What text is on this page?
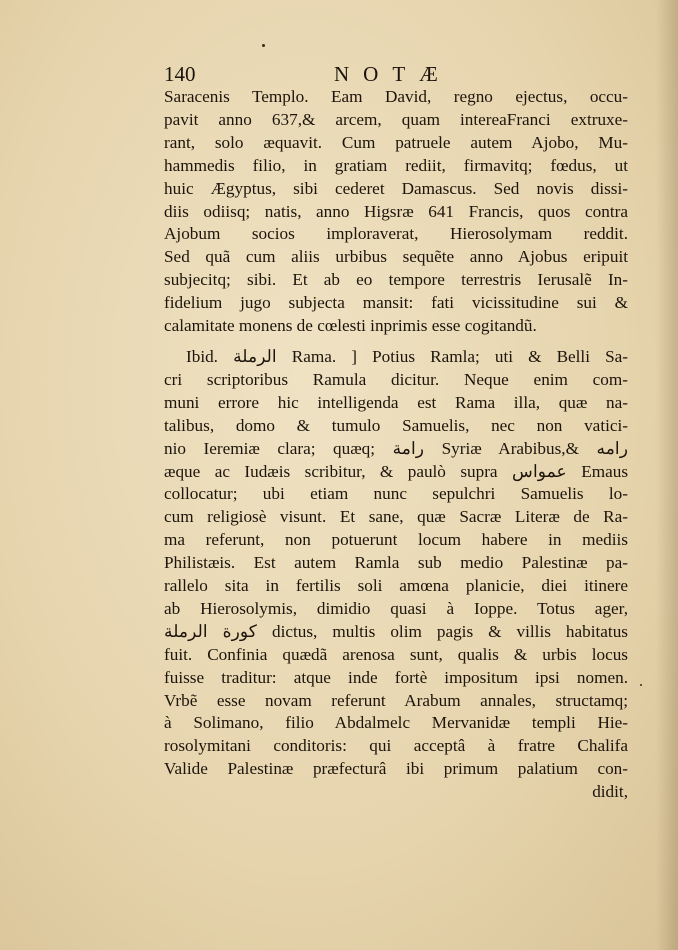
140	NOTÆ
Saracenis Templo. Eam David, regno ejectus, occu-
pavit anno 637,& arcem, quam intereaFranci extruxe-
rant, solo æquavit. Cum patruele autem Ajobo, Mu-
hammedis filio, in gratiam rediit, firmavitq; fœdus, ut
huic Ægyptus, sibi cederet Damascus. Sed novis dissi-
diis odiisq; natis, anno Higsræ 641 Francis, quos contra
Ajobum socios imploraverat, Hierosolymam reddit.
Sed quã cum aliis urbibus sequẽte anno Ajobus eripuit
subjecitq; sibi. Et ab eo tempore terrestris Ierusalẽ In-
fidelium jugo subjecta mansit: fati vicissitudine sui &
calamitate monens de cœlesti inprimis esse cogitandũ.
Ibid. الرملة Rama. ] Potius Ramla; uti & Belli Sa-
cri scriptoribus Ramula dicitur. Neque enim com-
muni errore hic intelligenda est Rama illa, quæ na-
talibus, domo & tumulo Samuelis, nec non vatici-
nio Ieremiæ clara; quæq; رامة Syriæ Arabibus,& رامه
æque ac Iudæis scribitur, & paulò supra عمواس Emaus
collocatur; ubi etiam nunc sepulchri Samuelis lo-
cum religiosè visunt. Et sane, quæ Sacræ Literæ de Ra-
ma referunt, non potuerunt locum habere in mediis
Philistæis. Est autem Ramla sub medio Palestinæ pa-
rallelo sita in fertilis soli amœna planicie, diei itinere
ab Hierosolymis, dimidio quasi à Ioppe. Totus ager,
كورة الرملة dictus, multis olim pagis & villis habitatus
fuit. Confinia quædã arenosa sunt, qualis & urbis locus
fuisse traditur: atque inde fortè impositum ipsi nomen.
Vrbẽ esse novam referunt Arabum annales, structamq;
à Solimano, filio Abdalmelc Mervanidæ templi Hie-
rosolymitani conditoris: qui acceptâ à fratre Chalifa
Valide Palestinæ præfecturâ ibi primum palatium con-
didit,
